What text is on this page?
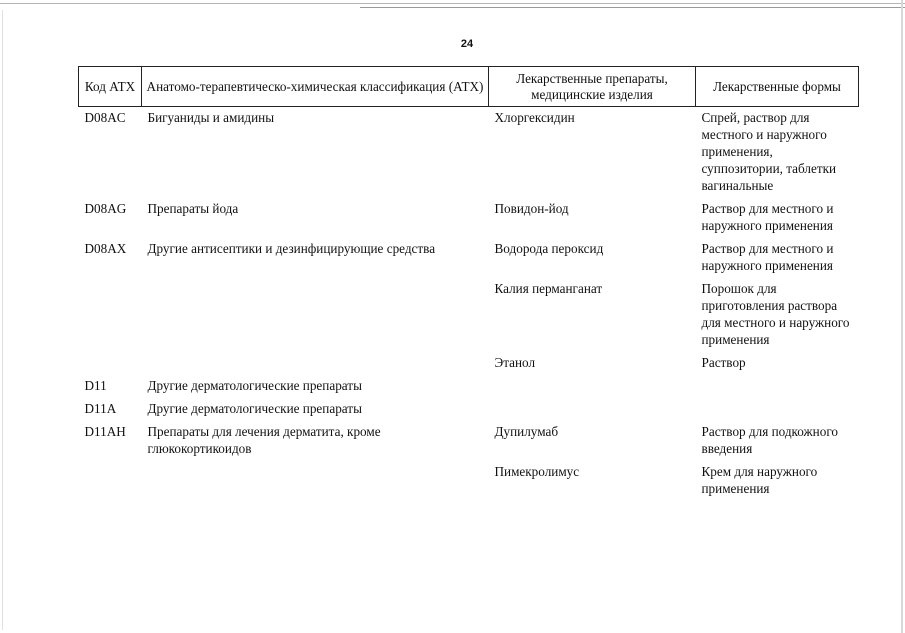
24
Код АТХ	Анатомо-терапевтическо-химическая классификация (АТХ)	Лекарственные препараты, медицинские изделия	Лекарственные формы
D08AC	Бигуаниды и амидины	Хлоргексидин	Спрей, раствор для местного и наружного применения, суппозитории, таблетки вагинальные
D08AG	Препараты йода	Повидон-йод	Раствор для местного и наружного применения
D08AX	Другие антисептики и дезинфицирующие средства	Водорода пероксид	Раствор для местного и наружного применения
		Калия перманганат	Порошок для приготовления раствора для местного и наружного применения
		Этанол	Раствор
D11	Другие дерматологические препараты		
D11A	Другие дерматологические препараты		
D11AH	Препараты для лечения дерматита, кроме глюкокортикоидов	Дупилумаб	Раствор для подкожного введения
		Пимекролимус	Крем для наружного применения
